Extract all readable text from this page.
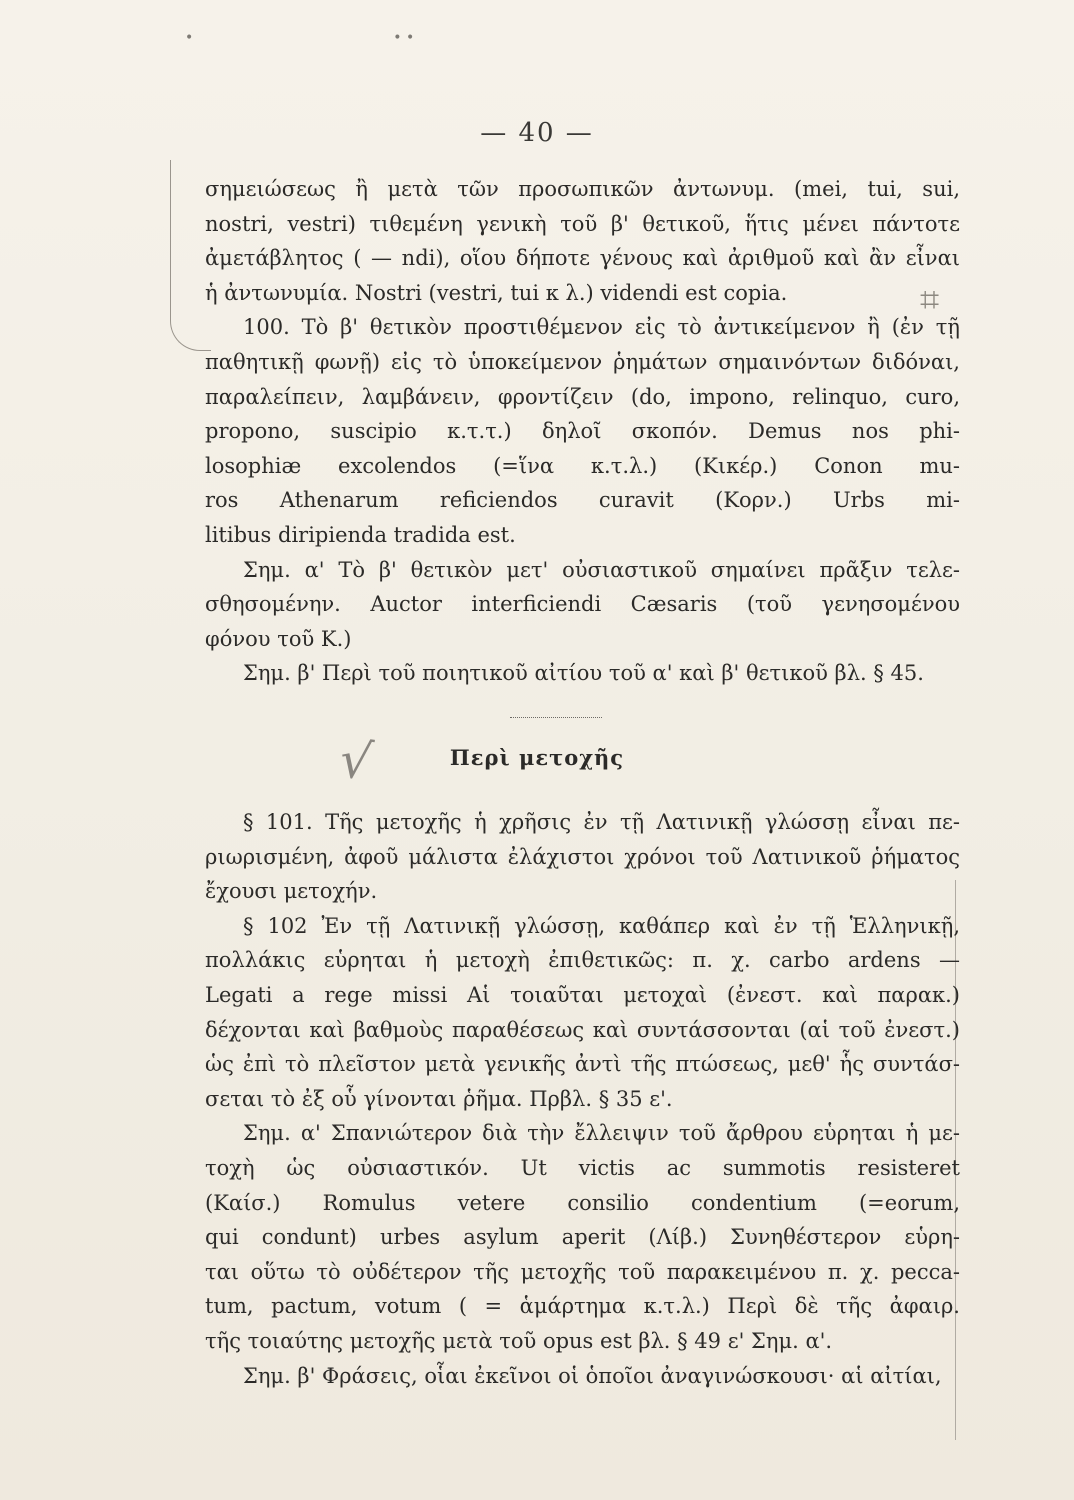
•	• •
⌗
— 40 —
σημειώσεως ἢ μετὰ τῶν προσωπικῶν ἀντωνυμ. (mei, tui, sui,
nostri, vestri) τιθεμένη γενικὴ τοῦ β' θετικοῦ, ἥτις μένει πάντοτε
ἀμετάβλητος ( — ndi), οἵου δήποτε γένους καὶ ἀριθμοῦ καὶ ἂν εἶναι
ἡ ἀντωνυμία. Nostri (vestri, tui κ λ.) videndi est copia.
100. Τὸ β' θετικὸν προστιθέμενον εἰς τὸ ἀντικείμενον ἢ (ἐν τῇ
παθητικῇ φωνῇ) εἰς τὸ ὑποκείμενον ῥημάτων σημαινόντων διδόναι,
παραλείπειν, λαμβάνειν, φροντίζειν (do, impono, relinquo, curo,
propono, suscipio κ.τ.τ.) δηλοῖ σκοπόν. Demus nos phi-
losophiæ excolendos (=ἵνα κ.τ.λ.) (Κικέρ.) Conon mu-
ros Athenarum reficiendos curavit (Κορν.) Urbs mi-
litibus diripienda tradida est.
Σημ. α' Τὸ β' θετικὸν μετ' οὐσιαστικοῦ σημαίνει πρᾶξιν τελε-
σθησομένην. Auctor interficiendi Cæsaris (τοῦ γενησομένου
φόνου τοῦ Κ.)
Σημ. β' Περὶ τοῦ ποιητικοῦ αἰτίου τοῦ α' καὶ β' θετικοῦ βλ. § 45.
√	Περὶ μετοχῆς
§ 101. Τῆς μετοχῆς ἡ χρῆσις ἐν τῇ Λατινικῇ γλώσσῃ εἶναι πε-
ριωρισμένη, ἀφοῦ μάλιστα ἐλάχιστοι χρόνοι τοῦ Λατινικοῦ ῥήματος
ἔχουσι μετοχήν.
§ 102 Ἐν τῇ Λατινικῇ γλώσσῃ, καθάπερ καὶ ἐν τῇ Ἑλληνικῇ,
πολλάκις εὑρηται ἡ μετοχὴ ἐπιθετικῶς: π. χ. carbo ardens —
Legati a rege missi Αἱ τοιαῦται μετοχαὶ (ἐνεστ. καὶ παρακ.)
δέχονται καὶ βαθμοὺς παραθέσεως καὶ συντάσσονται (αἱ τοῦ ἐνεστ.)
ὡς ἐπὶ τὸ πλεῖστον μετὰ γενικῆς ἀντὶ τῆς πτώσεως, μεθ' ἧς συντάσ-
σεται τὸ ἐξ οὗ γίνονται ῥῆμα. Πρβλ. § 35 ε'.
Σημ. α' Σπανιώτερον διὰ τὴν ἔλλειψιν τοῦ ἄρθρου εὑρηται ἡ με-
τοχὴ ὡς οὐσιαστικόν. Ut victis ac summotis resisteret
(Καίσ.) Romulus vetere consilio condentium (=eorum,
qui condunt) urbes asylum aperit (Λίβ.) Συνηθέστερον εὑρη-
ται οὕτω τὸ οὐδέτερον τῆς μετοχῆς τοῦ παρακειμένου π. χ. pecca-
tum, pactum, votum ( = ἁμάρτημα κ.τ.λ.) Περὶ δὲ τῆς ἀφαιρ.
τῆς τοιαύτης μετοχῆς μετὰ τοῦ opus est βλ. § 49 ε' Σημ. α'.
Σημ. β' Φράσεις, οἷαι ἐκεῖνοι οἱ ὁποῖοι ἀναγινώσκουσι· αἱ αἰτίαι,
